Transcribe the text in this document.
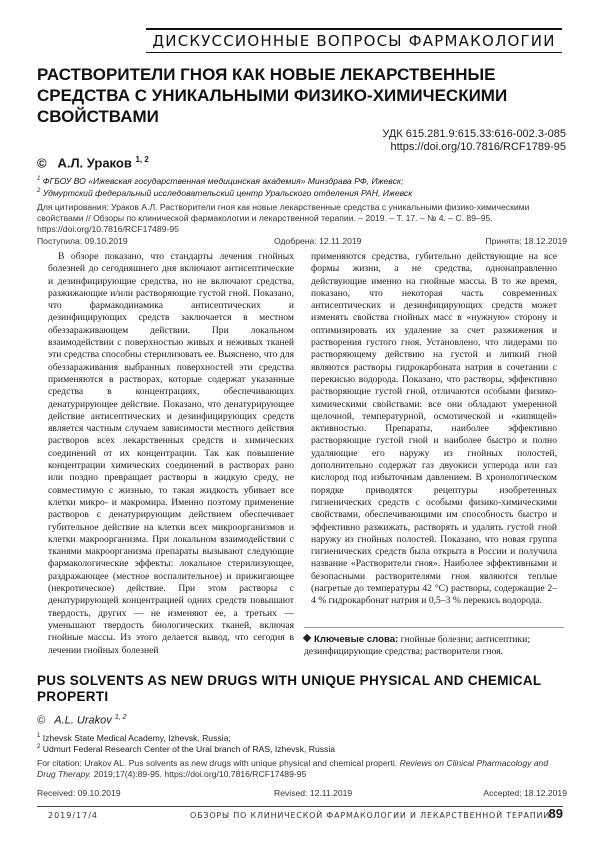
ДИСКУССИОННЫЕ ВОПРОСЫ ФАРМАКОЛОГИИ
РАСТВОРИТЕЛИ ГНОЯ КАК НОВЫЕ ЛЕКАРСТВЕННЫЕ СРЕДСТВА С УНИКАЛЬНЫМИ ФИЗИКО-ХИМИЧЕСКИМИ СВОЙСТВАМИ
УДК 615.281.9:615.33:616-002.3-085
https://doi.org/10.7816/RCF1789-95
© А.Л. Ураков $^{1, 2}$
$^1$ ФГБОУ ВО «Ижевская государственная медицинская академия» Минздрава РФ, Ижевск;
$^2$ Удмуртский федеральный исследовательский центр Уральского отделения РАН, Ижевск
Для цитирования: Ураков А.Л. Растворители гноя как новые лекарственные средства с уникальными физико-химическими свойствами // Обзоры по клинической фармакологии и лекарственной терапии. – 2019. – Т. 17. – № 4. – С. 89–95. https://doi.org/10.7816/RCF17489-95
Поступила: 09.10.2019	Одобрена: 12.11.2019	Принята: 18.12.2019

В обзоре показано, что стандарты лечения гнойных болезней до сегодняшнего дня включают антисептические и дезинфицирующие средства, но не включают средства, разжижающие и/или растворяющие густой гной. Показано, что фармакодинамика антисептических и дезинфицирующих средств заключается в местном обеззараживающем действии. При локальном взаимодействии с поверхностью живых и неживых тканей эти средства способны стерилизовать ее. Выяснено, что для обеззараживания выбранных поверхностей эти средства применяются в растворах, которые содержат указанные средства в концентрациях, обеспечивающих денатурирующее действие. Показано, что денатурирующее действие антисептических и дезинфицирующих средств является частным случаем зависимости местного действия растворов всех лекарственных средств и химических соединений от их концентрации. Так как повышение концентрации химических соединений в растворах рано или поздно превращает растворы в жидкую среду, не совместимую с жизнью, то такая жидкость убивает все клетки микро- и макромира. Именно поэтому применение растворов с денатурирующим действием обеспечивает губительное действие на клетки всех микроорганизмов и клетки макроорганизма. При локальном взаимодействии с тканями макроорганизма препараты вызывают следующие фармакологические эффекты: локальное стерилизующее, раздражающее (местное воспалительное) и прижигающее (некротическое) действие. При этом растворы с денатурирующей концентрацией одних средств повышают твердость, других — не изменяют ее, а третьих — уменьшают твердость биологических тканей, включая гнойные массы. Из этого делается вывод, что сегодня в лечении гнойных болезней

применяются средства, губительно действующие на все формы жизни, а не средства, однонаправленно действующие именно на гнойные массы. В то же время, показано, что некоторая часть современных антисептических и дезинфицирующих средств может изменять свойства гнойных масс в «нужную» сторону и оптимизировать их удаление за счет разжижения и растворения густого гноя. Установлено, что лидерами по растворяющему действию на густой и липкий гной являются растворы гидрокарбоната натрия в сочетании с перекисью водорода. Показано, что растворы, эффективно растворяющие густой гной, отличаются особыми физико-химическими свойствами: все они обладают умеренной щелочной, температурной, осмотической и «кипящей» активностью. Препараты, наиболее эффективно растворяющие густой гной и наиболее быстро и полно удаляющие его наружу из гнойных полостей, дополнительно содержат газ двуокиси углерода или газ кислород под избыточным давлением. В хронологическом порядке приводятся рецептуры изобретенных гигиенических средств с особыми физико-химическими свойствами, обеспечивающими им способность быстро и эффективно разжижать, растворять и удалять густой гной наружу из гнойных полостей. Показано, что новая группа гигиенических средств была открыта в России и получила название «Растворители гноя». Наиболее эффективными и безопасными растворителями гноя являются теплые (нагретые до температуры 42 °С) растворы, содержащие 2–4 % гидрокарбонат натрия и 0,5–3 % перекись водорода.

Ключевые слова: гнойные болезни; антисептики; дезинфицирующие средства; растворители гноя.
PUS SOLVENTS AS NEW DRUGS WITH UNIQUE PHYSICAL AND CHEMICAL PROPERTI
© A.L. Urakov $^{1, 2}$
$^1$ Izhevsk State Medical Academy, Izhevsk, Russia;
$^2$ Udmurt Federal Research Center of the Ural branch of RAS, Izhevsk, Russia
For citation: Urakov AL. Pus solvents as new drugs with unique physical and chemical properti. Reviews on Clinical Pharmacology and Drug Therapy. 2019;17(4):89-95. https://doi.org/10.7816/RCF17489-95
Received: 09.10.2019	Revised: 12.11.2019	Accepted: 18.12.2019
2019/17/4	ОБЗОРЫ ПО КЛИНИЧЕСКОЙ ФАРМАКОЛОГИИ И ЛЕКАРСТВЕННОЙ ТЕРАПИИ
89
